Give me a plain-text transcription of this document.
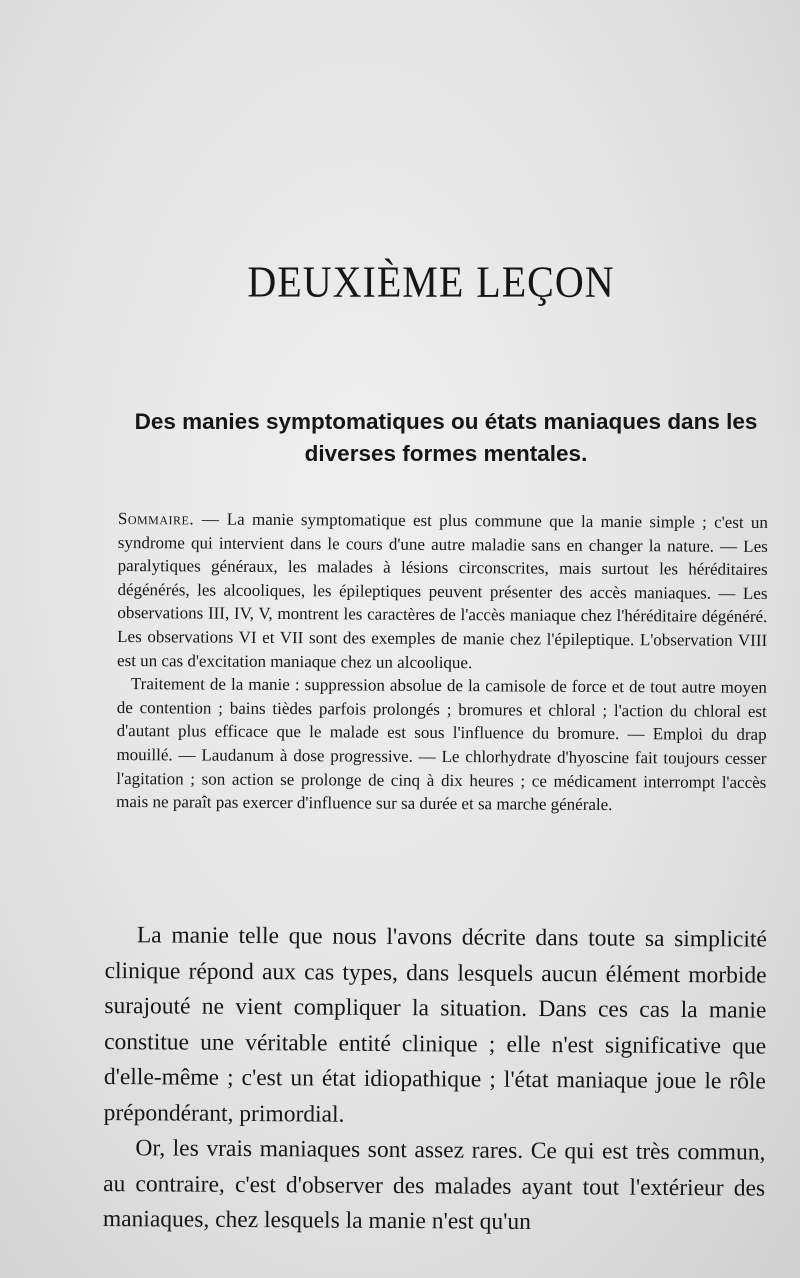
DEUXIÈME LEÇON
Des manies symptomatiques ou états maniaques dans les diverses formes mentales.

Sommaire. — La manie symptomatique est plus commune que la manie simple ; c'est un syndrome qui intervient dans le cours d'une autre maladie sans en changer la nature. — Les paralytiques généraux, les malades à lésions circonscrites, mais surtout les héréditaires dégénérés, les alcooliques, les épileptiques peuvent présenter des accès maniaques. — Les observations III, IV, V, montrent les caractères de l'accès maniaque chez l'héréditaire dégénéré. Les observations VI et VII sont des exemples de manie chez l'épileptique. L'observation VIII est un cas d'excitation maniaque chez un alcoolique.

Traitement de la manie : suppression absolue de la camisole de force et de tout autre moyen de contention ; bains tièdes parfois prolongés ; bromures et chloral ; l'action du chloral est d'autant plus efficace que le malade est sous l'influence du bromure. — Emploi du drap mouillé. — Laudanum à dose progressive. — Le chlorhydrate d'hyoscine fait toujours cesser l'agitation ; son action se prolonge de cinq à dix heures ; ce médicament interrompt l'accès mais ne paraît pas exercer d'influence sur sa durée et sa marche générale.

La manie telle que nous l'avons décrite dans toute sa simplicité clinique répond aux cas types, dans lesquels aucun élément morbide surajouté ne vient compliquer la situation. Dans ces cas la manie constitue une véritable entité clinique ; elle n'est significative que d'elle-même ; c'est un état idiopathique ; l'état maniaque joue le rôle prépondérant, primordial.

Or, les vrais maniaques sont assez rares. Ce qui est très commun, au contraire, c'est d'observer des malades ayant tout l'extérieur des maniaques, chez lesquels la manie n'est qu'un
